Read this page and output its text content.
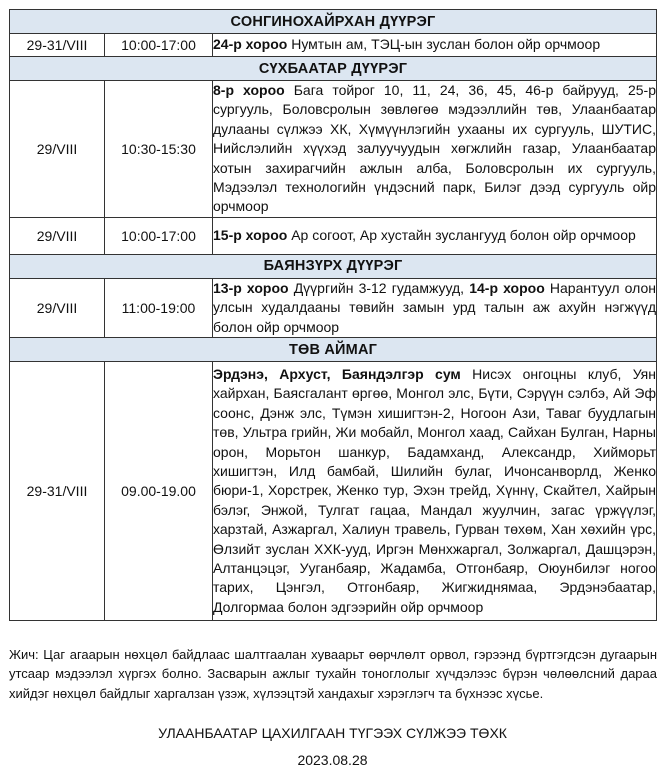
СОНГИНОХАЙРХАН ДҮҮРЭГ		
29-31/VIII	10:00-17:00	24-р хороо Нумтын ам, ТЭЦ-ын зуслан болон ойр орчмоор
СҮХБААТАР ДҮҮРЭГ		
29/VIII	10:30-15:30	8-р хороо Бага тойрог 10, 11, 24, 36, 45, 46-р байрууд, 25-р сургууль, Боловсролын зөвлөгөө мэдээллийн төв, Улаанбаатар дулааны сүлжээ ХК, Хүмүүнлэгийн ухааны их сургууль, ШУТИС, Нийслэлийн хүүхэд залуучуудын хөгжлийн газар, Улаанбаатар хотын захирагчийн ажлын алба, Боловсролын их сургууль, Мэдээлэл технологийн үндэсний парк, Билэг дээд сургууль ойр орчмоор
29/VIII	10:00-17:00	15-р хороо Ар согоот, Ар хустайн зуслангууд болон ойр орчмоор
БАЯНЗҮРХ ДҮҮРЭГ		
29/VIII	11:00-19:00	13-р хороо Дүүргийн 3-12 гудамжууд, 14-р хороо Нарантуул олон улсын худалдааны төвийн замын урд талын аж ахуйн нэгжүүд болон ойр орчмоор
ТӨВ АЙМАГ		
29-31/VIII	09.00-19.00	Эрдэнэ, Архуст, Баяндэлгэр сум Нисэх онгоцны клуб, Уян хайрхан, Баясгалант өргөө, Монгол элс, Бүти, Сэрүүн сэлбэ, Ай Эф соонс, Дэнж элс, Түмэн хишигтэн-2, Ногоон Ази, Таваг буудлагын төв, Ультра грийн, Жи мобайл, Монгол хаад, Сайхан Булган, Нарны орон, Морьтон шанкур, Бадамханд, Александр, Хийморьт хишигтэн, Илд бамбай, Шилийн булаг, Ичонсанворлд, Женко бюри-1, Хорстрек, Женко тур, Эхэн трейд, Хүннү, Скайтел, Хайрын бэлэг, Энжой, Тулгат гацаа, Мандал жуулчин, загас үржүүлэг, харзтай, Азжаргал, Халиун травель, Гурван төхөм, Хан хөхийн үрс, Өлзийт зуслан ХХК-ууд, Иргэн Мөнхжаргал, Золжаргал, Дашцэрэн, Алтанцэцэг, Ууганбаяр, Жадамба, Отгонбаяр, Оюунбилэг ногоо тариx, Цэнгэл, Отгонбаяр, Жигжиднямаа, Эрдэнэбаатар, Долгормаа болон эдгээрийн ойр орчмоор

Жич: Цаг агаарын нөхцөл байдлаас шалтгаалан хуваарьт өөрчлөлт орвол, гэрээнд бүртгэгдсэн дугаарын утсаар мэдээлэл хүргэх болно. Засварын ажлыг тухайн тоноглолыг хүчдэлээс бүрэн чөлөөлсний дараа хийдэг нөхцөл байдлыг харгалзан үзэж, хүлээцтэй хандахыг хэрэглэгч та бүхнээс хүсье.

УЛААНБААТАР ЦАХИЛГААН ТҮГЭЭХ СҮЛЖЭЭ ТӨХК

2023.08.28
